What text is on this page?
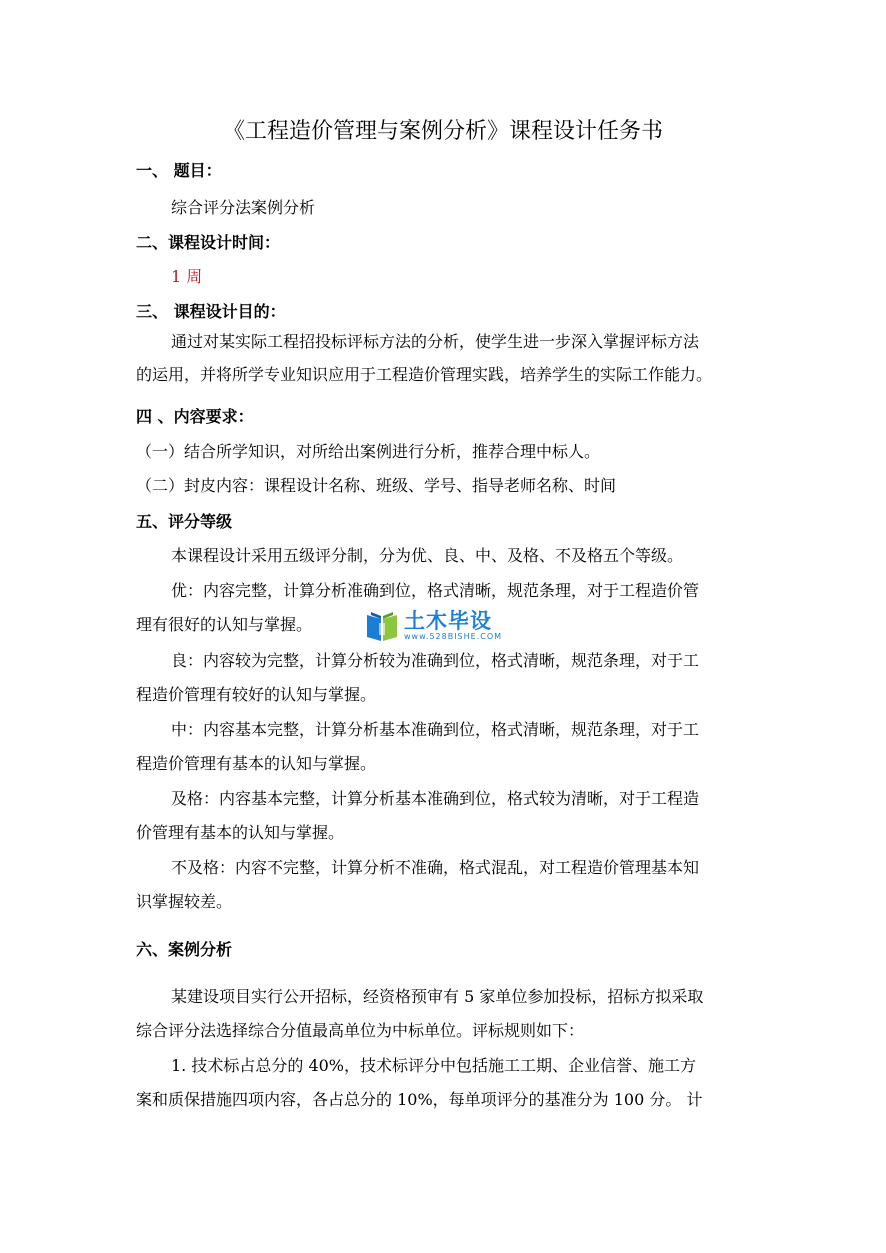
《工程造价管理与案例分析》课程设计任务书
一、 题目：
综合评分法案例分析
二、课程设计时间：
1 周
三、 课程设计目的：
通过对某实际工程招投标评标方法的分析，使学生进一步深入掌握评标方法
的运用，并将所学专业知识应用于工程造价管理实践，培养学生的实际工作能力。
四 、内容要求：
（一）结合所学知识，对所给出案例进行分析，推荐合理中标人。
（二）封皮内容：课程设计名称、班级、学号、指导老师名称、时间
五、评分等级
本课程设计采用五级评分制，分为优、良、中、及格、不及格五个等级。
优：内容完整，计算分析准确到位，格式清晰，规范条理，对于工程造价管
理有很好的认知与掌握。	土木毕设
www.528BISHE.COM
良：内容较为完整，计算分析较为准确到位，格式清晰，规范条理，对于工
程造价管理有较好的认知与掌握。
中：内容基本完整，计算分析基本准确到位，格式清晰，规范条理，对于工
程造价管理有基本的认知与掌握。
及格：内容基本完整，计算分析基本准确到位，格式较为清晰，对于工程造
价管理有基本的认知与掌握。
不及格：内容不完整，计算分析不准确，格式混乱，对工程造价管理基本知
识掌握较差。
六、案例分析
某建设项目实行公开招标，经资格预审有 5 家单位参加投标，招标方拟采取
综合评分法选择综合分值最高单位为中标单位。评标规则如下：
1. 技术标占总分的 40%，技术标评分中包括施工工期、企业信誉、施工方
案和质保措施四项内容，各占总分的 10%，每单项评分的基准分为 100 分。 计
